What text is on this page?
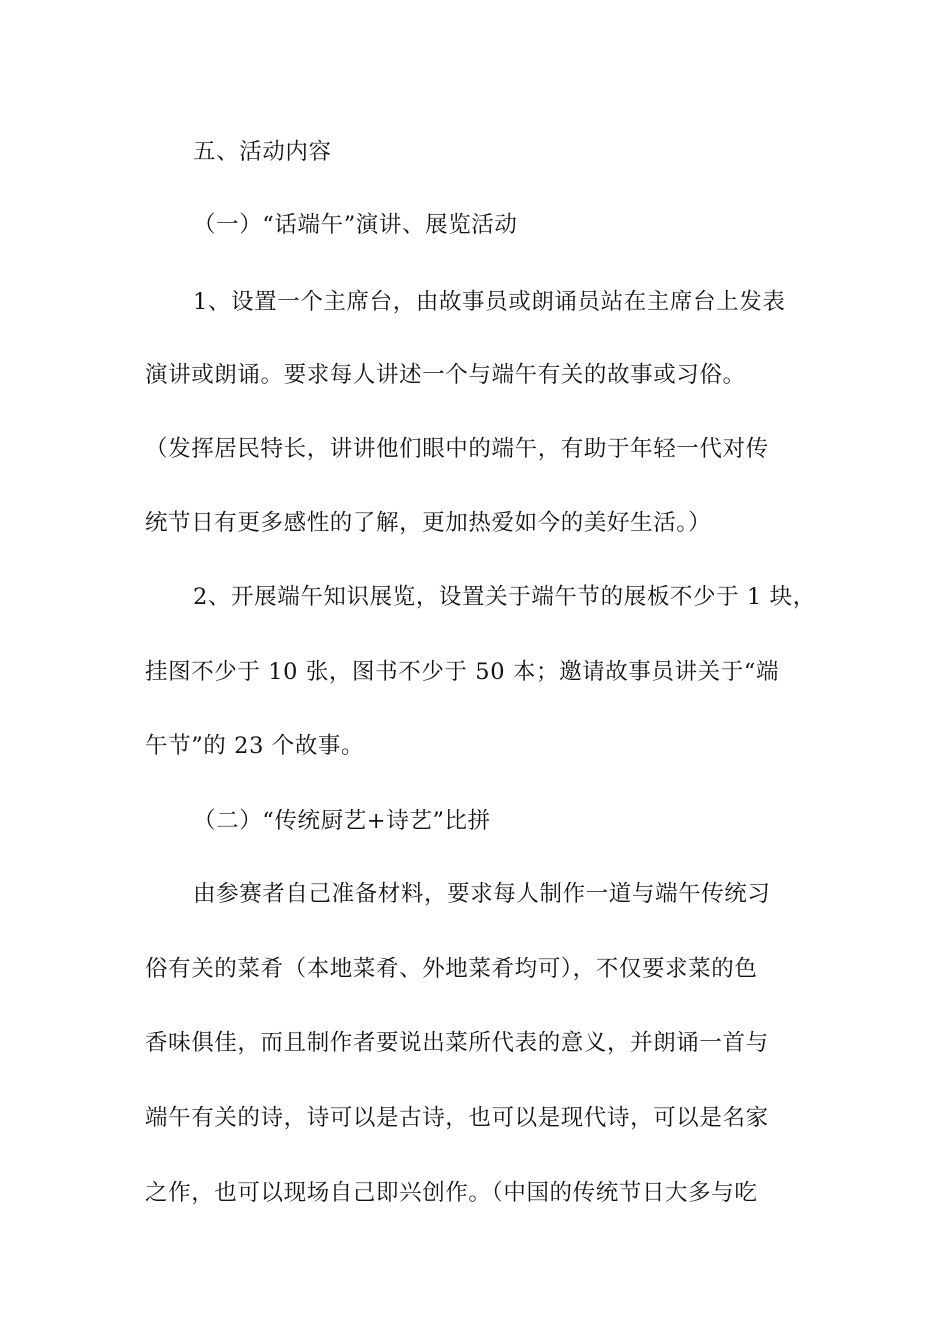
五、活动内容
（一）“话端午”演讲、展览活动
1、设置一个主席台，由故事员或朗诵员站在主席台上发表
演讲或朗诵。要求每人讲述一个与端午有关的故事或习俗。
（发挥居民特长，讲讲他们眼中的端午，有助于年轻一代对传
统节日有更多感性的了解，更加热爱如今的美好生活。）
2、开展端午知识展览，设置关于端午节的展板不少于 1 块，
挂图不少于 10 张，图书不少于 50 本；邀请故事员讲关于“端
午节”的 23 个故事。
（二）“传统厨艺+诗艺”比拼
由参赛者自己准备材料，要求每人制作一道与端午传统习
俗有关的菜肴（本地菜肴、外地菜肴均可），不仅要求菜的色
香味俱佳，而且制作者要说出菜所代表的意义，并朗诵一首与
端午有关的诗，诗可以是古诗，也可以是现代诗，可以是名家
之作，也可以现场自己即兴创作。（中国的传统节日大多与吃
